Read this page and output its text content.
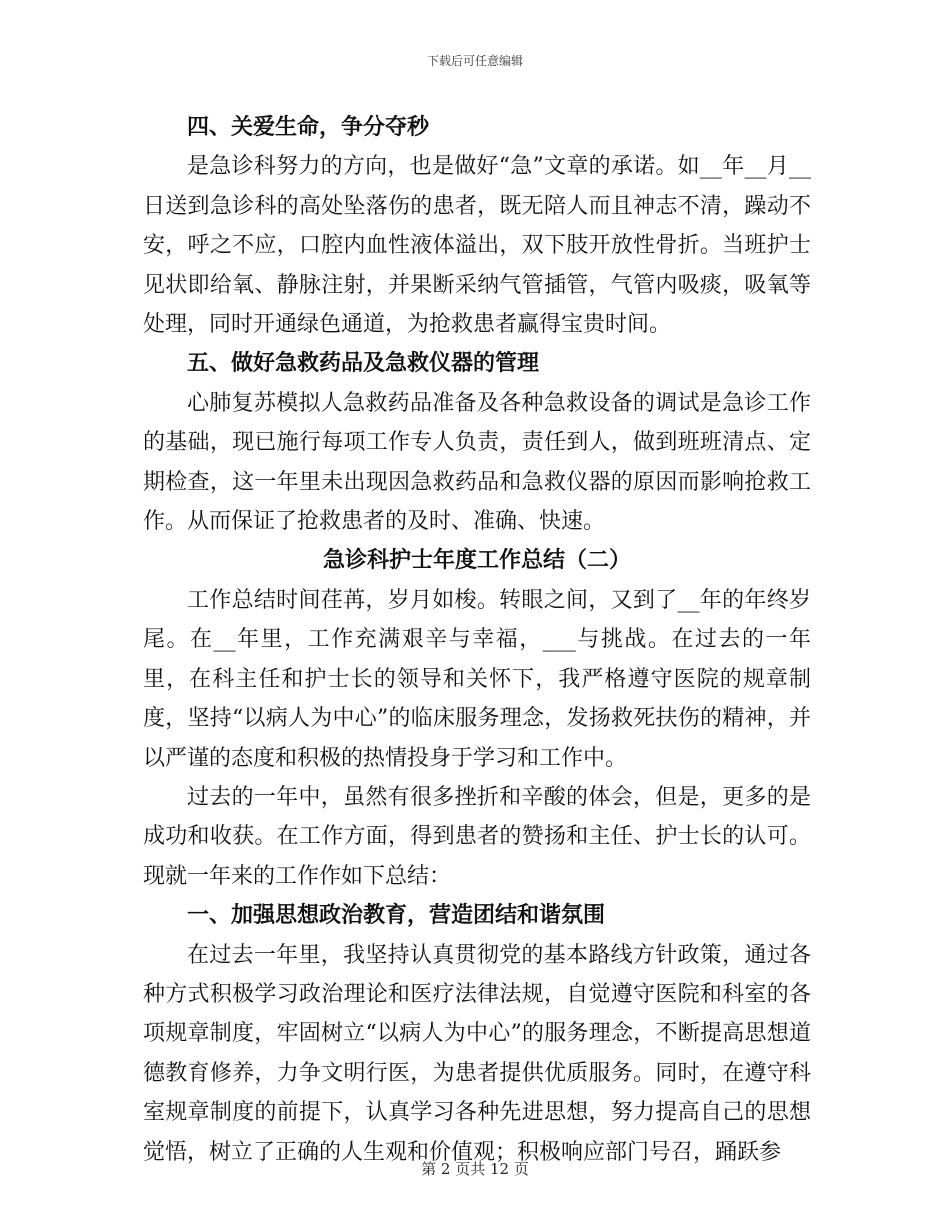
下载后可任意编辑
四、关爱生命，争分夺秒

是急诊科努力的方向，也是做好“急”文章的承诺。如__年__月__日送到急诊科的高处坠落伤的患者，既无陪人而且神志不清，躁动不安，呼之不应，口腔内血性液体溢出，双下肢开放性骨折。当班护士见状即给氧、静脉注射，并果断采纳气管插管，气管内吸痰，吸氧等处理，同时开通绿色通道，为抢救患者赢得宝贵时间。

五、做好急救药品及急救仪器的管理

心肺复苏模拟人急救药品准备及各种急救设备的调试是急诊工作的基础，现已施行每项工作专人负责，责任到人，做到班班清点、定期检查，这一年里未出现因急救药品和急救仪器的原因而影响抢救工作。从而保证了抢救患者的及时、准确、快速。

急诊科护士年度工作总结（二）

工作总结时间荏苒，岁月如梭。转眼之间，又到了__年的年终岁尾。在__年里，工作充满艰辛与幸福，___与挑战。在过去的一年里，在科主任和护士长的领导和关怀下，我严格遵守医院的规章制度，坚持“以病人为中心”的临床服务理念，发扬救死扶伤的精神，并以严谨的态度和积极的热情投身于学习和工作中。

过去的一年中，虽然有很多挫折和辛酸的体会，但是，更多的是成功和收获。在工作方面，得到患者的赞扬和主任、护士长的认可。现就一年来的工作作如下总结：

一、加强思想政治教育，营造团结和谐氛围

在过去一年里，我坚持认真贯彻党的基本路线方针政策，通过各种方式积极学习政治理论和医疗法律法规，自觉遵守医院和科室的各项规章制度，牢固树立“以病人为中心”的服务理念，不断提高思想道德教育修养，力争文明行医，为患者提供优质服务。同时，在遵守科室规章制度的前提下，认真学习各种先进思想，努力提高自己的思想觉悟，树立了正确的人生观和价值观；积极响应部门号召，踊跃参

第 2 页共 12 页
